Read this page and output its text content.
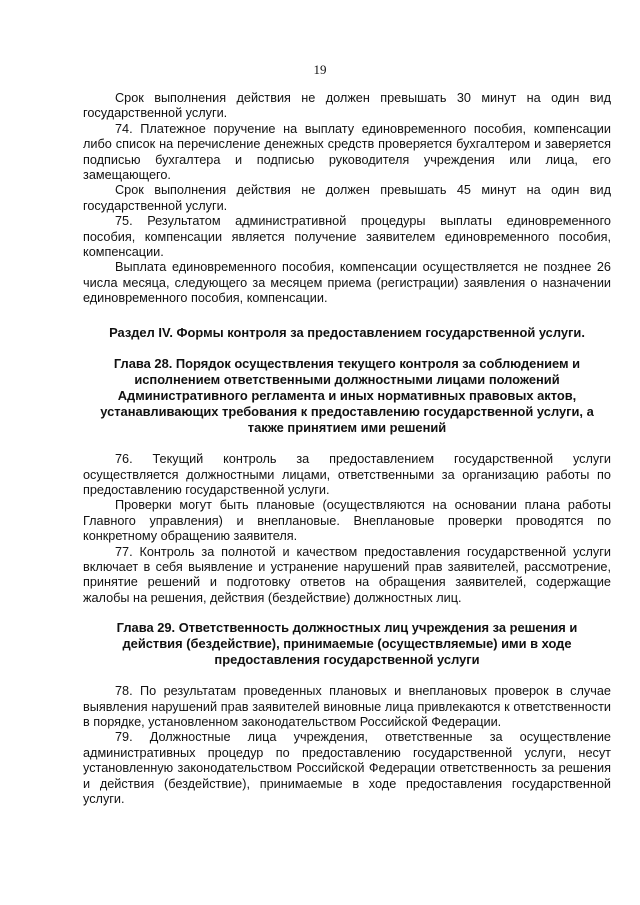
19

Срок выполнения действия не должен превышать 30 минут на один вид государственной услуги.

74. Платежное поручение на выплату единовременного пособия, компенсации либо список на перечисление денежных средств проверяется бухгалтером и заверяется подписью бухгалтера и подписью руководителя учреждения или лица, его замещающего.

Срок выполнения действия не должен превышать 45 минут на один вид государственной услуги.

75. Результатом административной процедуры выплаты единовременного пособия, компенсации является получение заявителем единовременного пособия, компенсации.

Выплата единовременного пособия, компенсации осуществляется не позднее 26 числа месяца, следующего за месяцем приема (регистрации) заявления о назначении единовременного пособия, компенсации.

Раздел IV. Формы контроля за предоставлением государственной услуги.
Глава 28. Порядок осуществления текущего контроля за соблюдением и исполнением ответственными должностными лицами положений Административного регламента и иных нормативных правовых актов, устанавливающих требования к предоставлению государственной услуги, а также принятием ими решений

76. Текущий контроль за предоставлением государственной услуги осуществляется должностными лицами, ответственными за организацию работы по предоставлению государственной услуги.

Проверки могут быть плановые (осуществляются на основании плана работы Главного управления) и внеплановые. Внеплановые проверки проводятся по конкретному обращению заявителя.

77. Контроль за полнотой и качеством предоставления государственной услуги включает в себя выявление и устранение нарушений прав заявителей, рассмотрение, принятие решений и подготовку ответов на обращения заявителей, содержащие жалобы на решения, действия (бездействие) должностных лиц.

Глава 29. Ответственность должностных лиц учреждения за решения и действия (бездействие), принимаемые (осуществляемые) ими в ходе предоставления государственной услуги

78. По результатам проведенных плановых и внеплановых проверок в случае выявления нарушений прав заявителей виновные лица привлекаются к ответственности в порядке, установленном законодательством Российской Федерации.

79. Должностные лица учреждения, ответственные за осуществление административных процедур по предоставлению государственной услуги, несут установленную законодательством Российской Федерации ответственность за решения и действия (бездействие), принимаемые в ходе предоставления государственной услуги.
